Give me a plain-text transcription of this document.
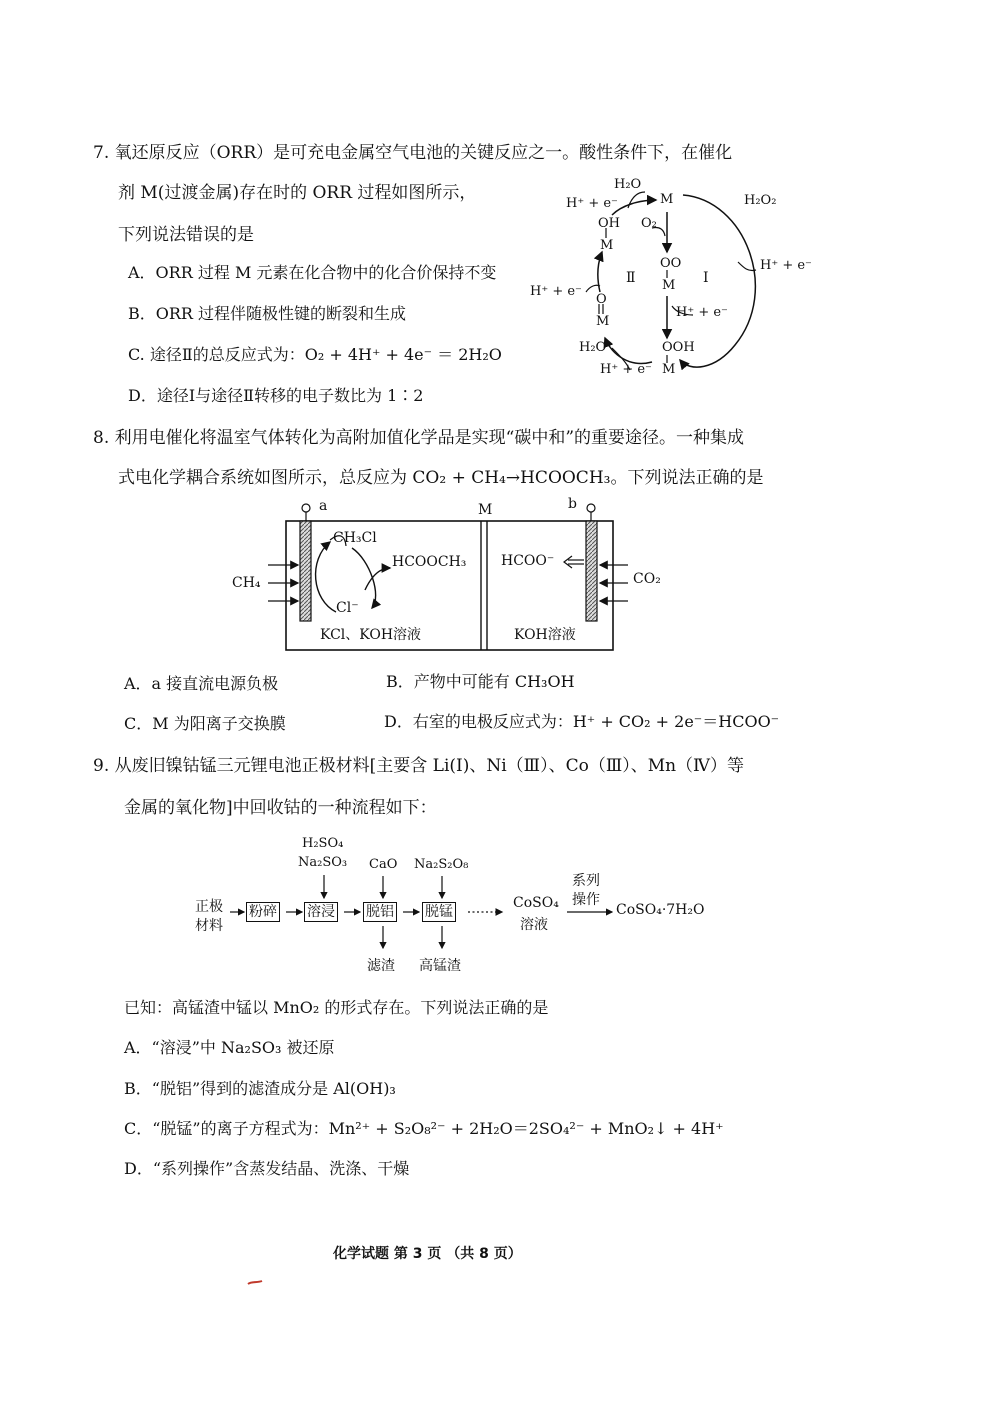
7. 氧还原反应（ORR）是可充电金属空气电池的关键反应之一。酸性条件下，在催化
剂 M(过渡金属)存在时的 ORR 过程如图所示，
下列说法错误的是
A．ORR 过程 M 元素在化合物中的化合价保持不变
B．ORR 过程伴随极性键的断裂和生成
C. 途径Ⅱ的总反应式为：O₂ + 4H⁺ + 4e⁻ ＝ 2H₂O
D．途径Ⅰ与途径Ⅱ转移的电子数比为 1∶2
H₂O
M	H₂O₂
H⁺ + e⁻
OH O₂
M
OO
Ⅱ	Ⅰ
H⁺ + e⁻
M
H⁺ + e⁻
O
H⁺ + e⁻
M
H₂O	OOH
H⁺ + e⁻ M
8. 利用电催化将温室气体转化为高附加值化学品是实现“碳中和”的重要途径。一种集成
式电化学耦合系统如图所示，总反应为 CO₂ + CH₄→HCOOCH₃。下列说法正确的是
a	M	b
CH₃Cl
HCOOCH₃ HCOO⁻
CH₄	CO₂
Cl⁻
KCl、KOH溶液	KOH溶液
A．a 接直流电源负极	B．产物中可能有 CH₃OH
C．M 为阳离子交换膜	D．右室的电极反应式为：H⁺ + CO₂ + 2e⁻＝HCOO⁻
9. 从废旧镍钴锰三元锂电池正极材料[主要含 Li(Ⅰ)、Ni（Ⅲ）、Co（Ⅲ）、Mn（Ⅳ）等
金属的氧化物]中回收钴的一种流程如下：
正极
材料
粉碎 溶浸 脱铝 脱锰
H₂SO₄
Na₂SO₃ CaO Na₂S₂O₈
滤渣 高锰渣
CoSO₄
溶液
系列
操作
CoSO₄·7H₂O
已知：高锰渣中锰以 MnO₂ 的形式存在。下列说法正确的是
A．“溶浸”中 Na₂SO₃ 被还原
B．“脱铝”得到的滤渣成分是 Al(OH)₃
C．“脱锰”的离子方程式为：Mn²⁺ + S₂O₈²⁻ + 2H₂O＝2SO₄²⁻ + MnO₂↓ + 4H⁺
D．“系列操作”含蒸发结晶、洗涤、干燥
化学试题 第 3 页 （共 8 页）
